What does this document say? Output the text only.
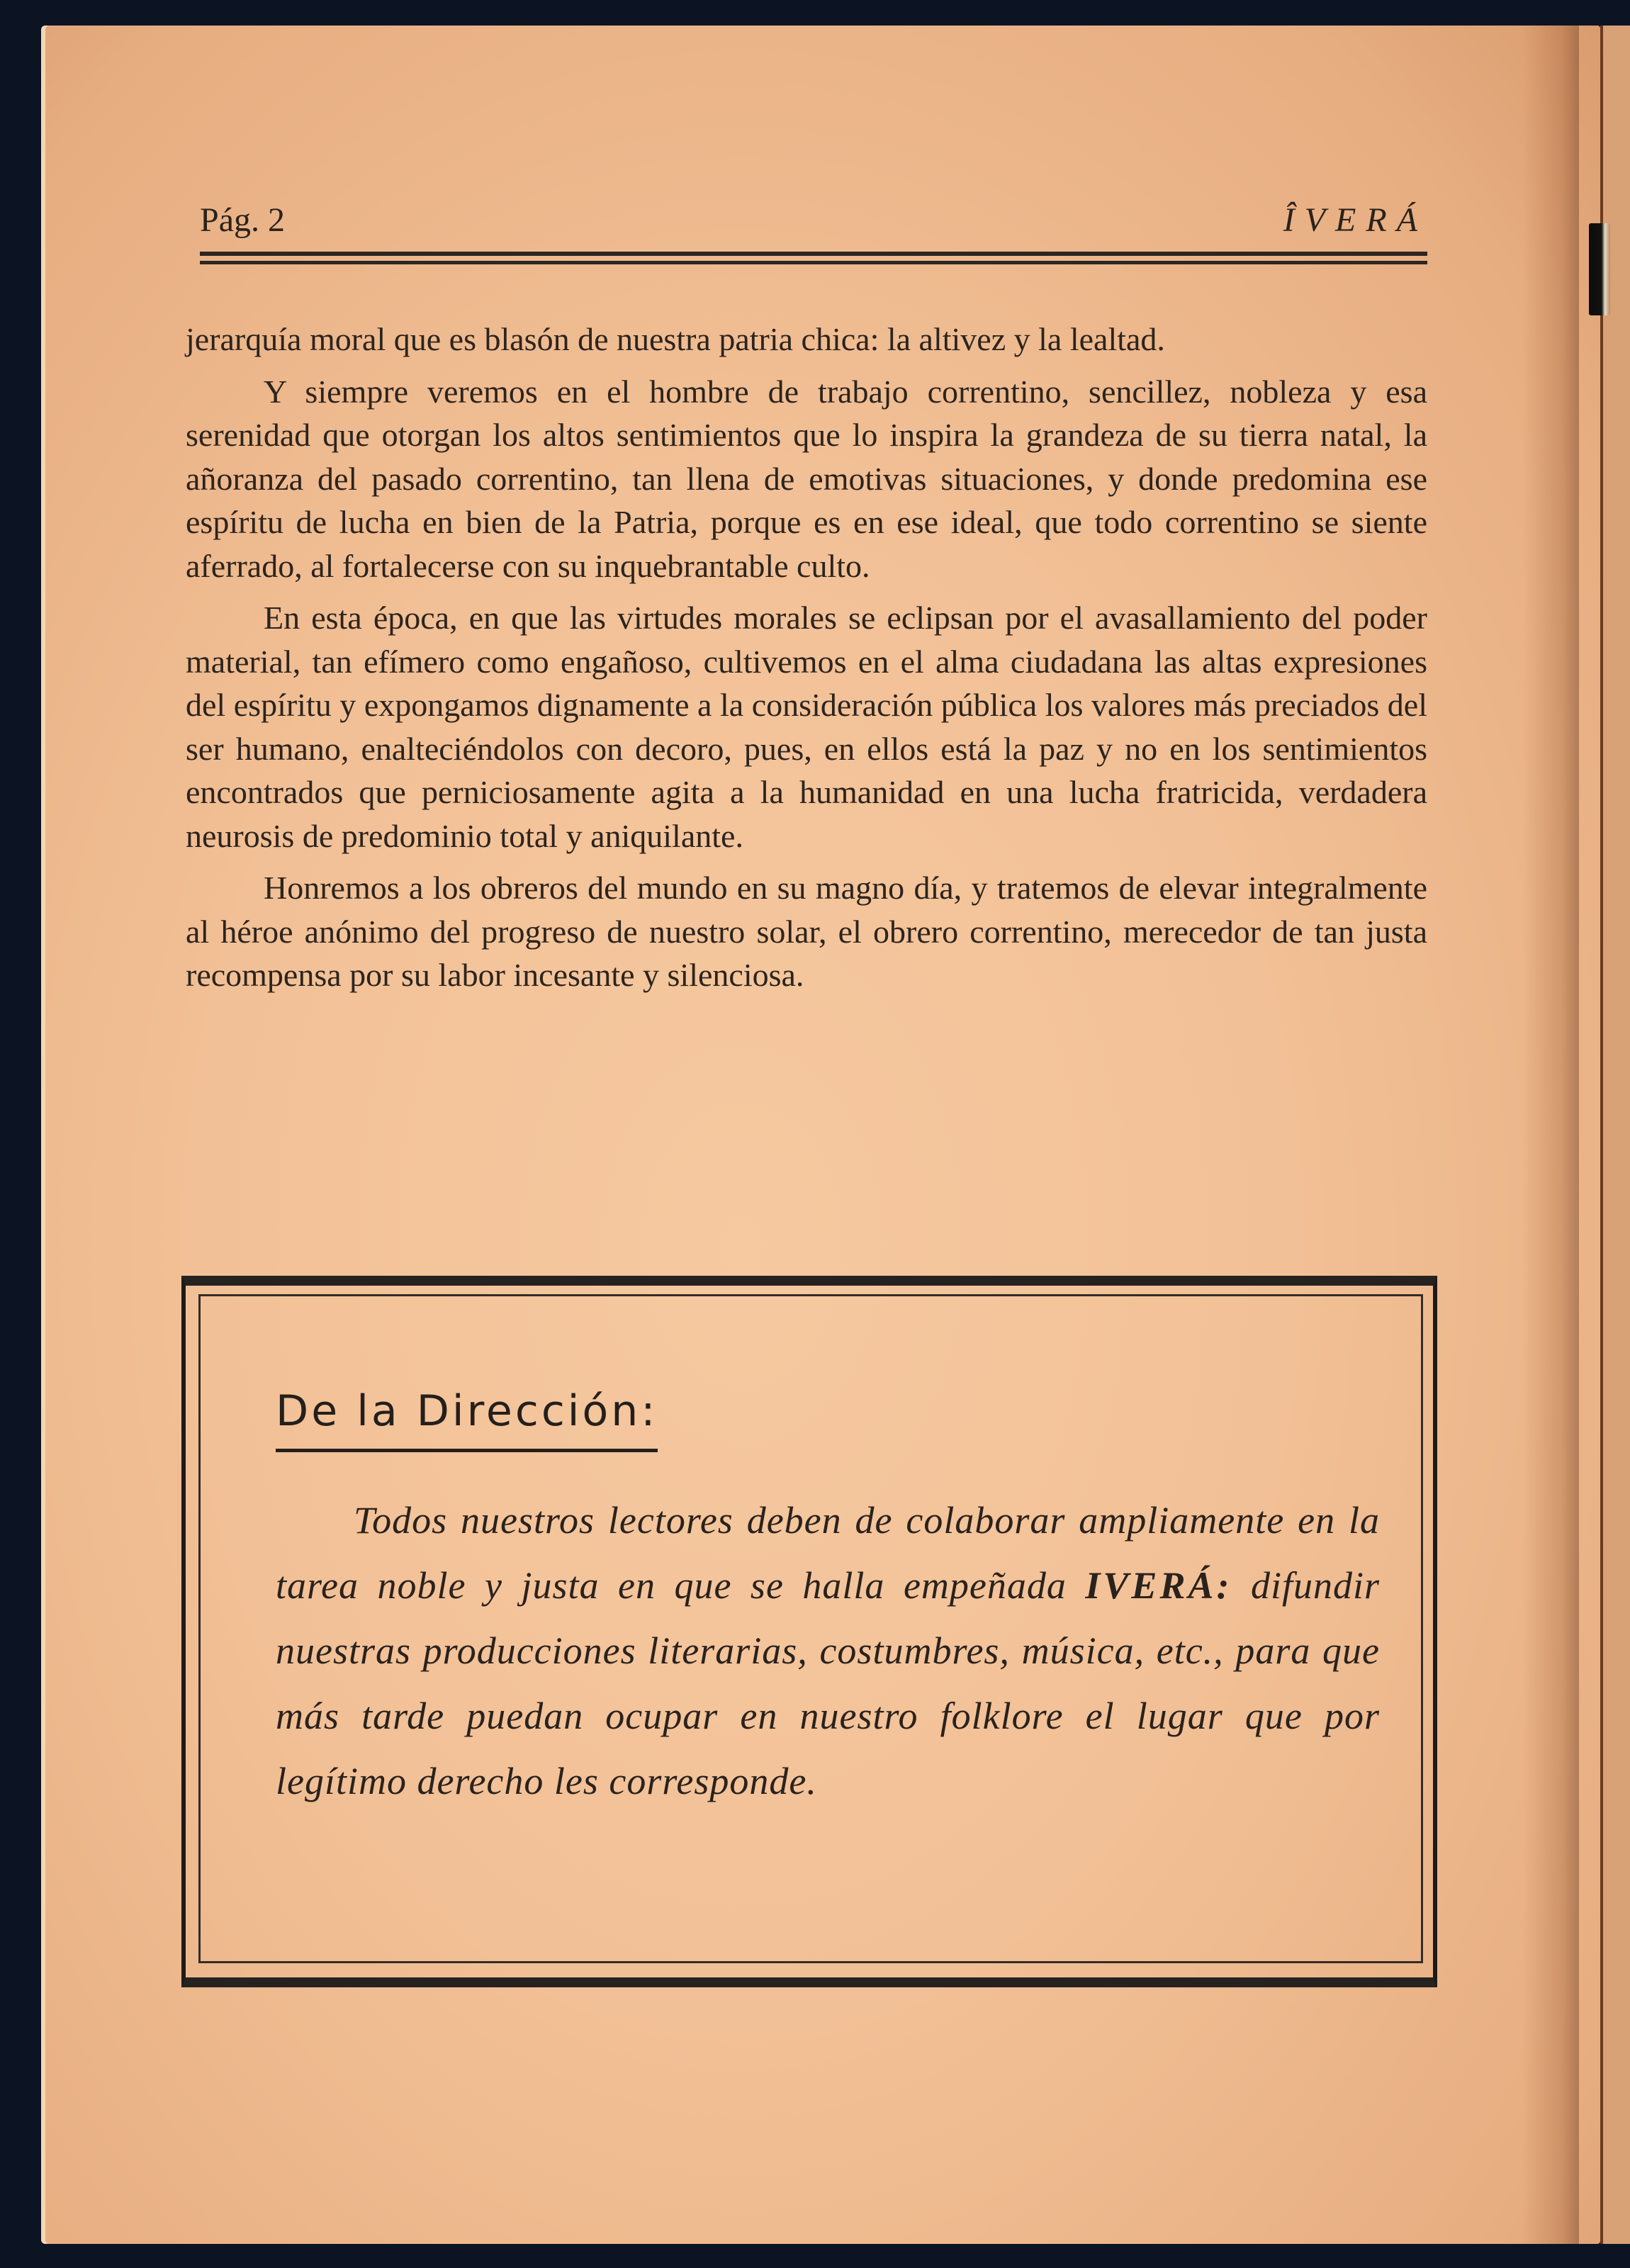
Pág. 2	ÎVERÁ

jerarquía moral que es blasón de nuestra patria chica: la altivez y la lealtad.

Y siempre veremos en el hombre de trabajo correntino, sencillez, nobleza y esa serenidad que otorgan los altos sentimientos que lo inspira la grandeza de su tierra natal, la añoranza del pasado correntino, tan llena de emotivas situaciones, y donde predomina ese espíritu de lucha en bien de la Patria, porque es en ese ideal, que todo correntino se siente aferrado, al fortalecerse con su inquebrantable culto.

En esta época, en que las virtudes morales se eclipsan por el avasallamiento del poder material, tan efímero como engañoso, cultivemos en el alma ciudadana las altas expresiones del espíritu y expongamos dignamente a la consideración pública los valores más preciados del ser humano, enalteciéndolos con decoro, pues, en ellos está la paz y no en los sentimientos encontrados que perniciosamente agita a la humanidad en una lucha fratricida, verdadera neurosis de predominio total y aniquilante.

Honremos a los obreros del mundo en su magno día, y tratemos de elevar integralmente al héroe anónimo del progreso de nuestro solar, el obrero correntino, merecedor de tan justa recompensa por su labor incesante y silenciosa.

De la Dirección:

Todos nuestros lectores deben de colaborar ampliamente en la tarea noble y justa en que se halla empeñada IVERÁ: difundir nuestras producciones literarias, costumbres, música, etc., para que más tarde puedan ocupar en nuestro folklore el lugar que por legítimo derecho les corresponde.
